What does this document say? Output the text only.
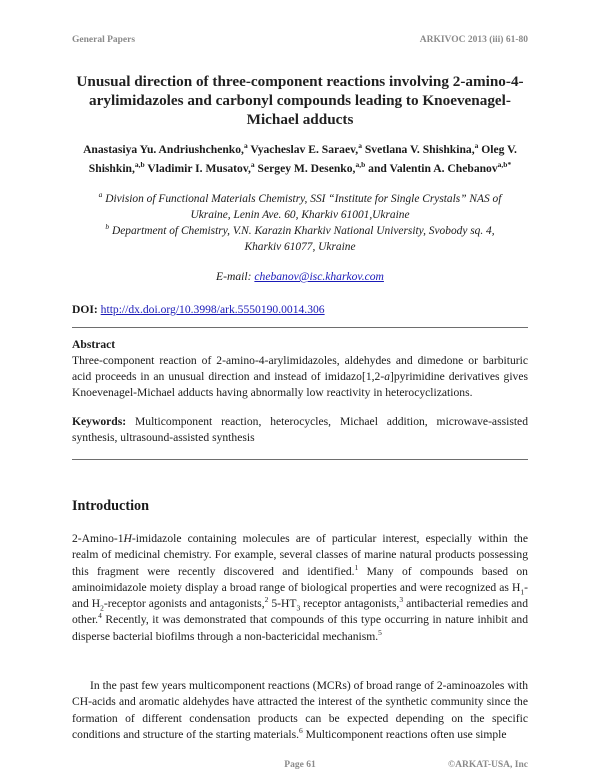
General Papers	ARKIVOC 2013 (iii) 61-80
Unusual direction of three-component reactions involving 2-amino-4-arylimidazoles and carbonyl compounds leading to Knoevenagel-Michael adducts
Anastasiya Yu. Andriushchenko,$^a$ Vyacheslav E. Saraev,$^a$ Svetlana V. Shishkina,$^a$ Oleg V. Shishkin,$^{a,b}$ Vladimir I. Musatov,$^a$ Sergey M. Desenko,$^{a,b}$ and Valentin A. Chebanov$^{a,b*}$
$^a$ Division of Functional Materials Chemistry, SSI “Institute for Single Crystals” NAS of Ukraine, Lenin Ave. 60, Kharkiv 61001,Ukraine
$^b$ Department of Chemistry, V.N. Karazin Kharkiv National University, Svobody sq. 4, Kharkiv 61077, Ukraine
E-mail: chebanov@isc.kharkov.com
DOI: http://dx.doi.org/10.3998/ark.5550190.0014.306
Abstract
Three-component reaction of 2-amino-4-arylimidazoles, aldehydes and dimedone or barbituric acid proceeds in an unusual direction and instead of imidazo[1,2-a]pyrimidine derivatives gives Knoevenagel-Michael adducts having abnormally low reactivity in heterocyclizations.
Keywords: Multicomponent reaction, heterocycles, Michael addition, microwave-assisted synthesis, ultrasound-assisted synthesis
Introduction
2-Amino-1H-imidazole containing molecules are of particular interest, especially within the realm of medicinal chemistry. For example, several classes of marine natural products possessing this fragment were recently discovered and identified.$^1$ Many of compounds based on aminoimidazole moiety display a broad range of biological properties and were recognized as $H_1-$ and $H_2$-receptor agonists and antagonists,$^2$ $5-HT_3$ receptor antagonists,$^3$ antibacterial remedies and other.$^4$ Recently, it was demonstrated that compounds of this type occurring in nature inhibit and disperse bacterial biofilms through a non-bactericidal mechanism.$^5$
In the past few years multicomponent reactions (MCRs) of broad range of 2-aminoazoles with CH-acids and aromatic aldehydes have attracted the interest of the synthetic community since the formation of different condensation products can be expected depending on the specific conditions and structure of the starting materials.$^6$ Multicomponent reactions often use simple
Page 61	©ARKAT-USA, Inc
